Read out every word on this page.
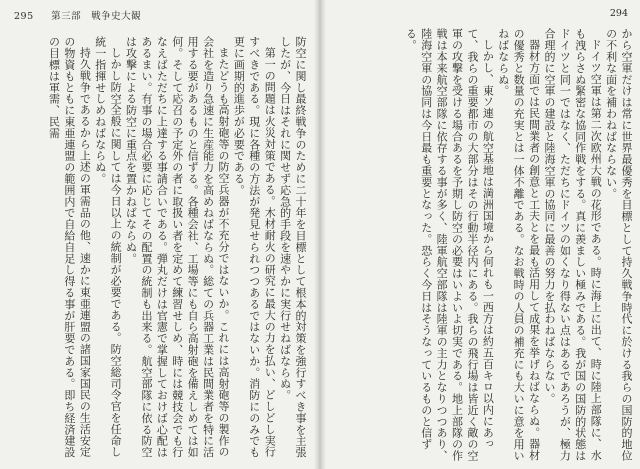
295 第三部　戦争史大観

防空に関し最終戦争のために二十年を目標として根本的対策を強行すべき事を主張したが、今日はそれに関せず応急的手段を速やかに実行せねばならぬ。

第一の問題は火災対策である。木材耐火の研究に最大の力を払い、どしどし実行すべきである。現に各種の方法が発見せられつつあるではないか。消防にのみでも更に画期的進歩が必要である。

またどうも高射砲等の防空兵器が不充分ではないか。これには高射砲等の製作の会社を造り急速に生産能力を高めねばならぬ。総ての兵器工業は民間業者を特に活用する要があるものと信ずる。各種会社、工場等にも自ら高射砲を備えしめては如何。そして応召の予定外の者に取扱い者を定めて練習せしめ、時には競技会でも行なえばただちに上達する事請合いである。弾丸だけは官憲で掌握しておけば心配はあるまい。有事の場合必要に応じてその配置の統制も出来る。航空部隊に依る防空は攻撃による防空に重点を置かねばならぬ。

しかし防空全般に関しては今日以上の統制が必要である。防空総司令官を任命し統一指揮せしめねばならぬ。

持久戦争であるから上述の軍需品の他、速かに東亜連盟の諸国家国民の生活安定の物資もともに東亜連盟の範囲内で自給自足し得る事が肝要である。即ち経済建設の目標は軍需、民需

294

から空軍だけは常に世界最優秀を目標として持久戦争時代に於ける我らの国防的地位の不利な面を補わねばならない。

ドイツ空軍は第二次欧州大戦の花形である。時に海上に出て、時に陸上部隊に、水も洩らさぬ緊密な協同作戦をする。真に羨ましい極みである。我が国の国防的状態はドイツと同一ではなく、ただちにドイツの如くなり得ない点はあるであろうが、極力合理的に空軍の建設と陸海空軍の協同に最善の努力を払わねばならない。

器材方面では民間業者の創意と工夫とを最も活用して成果を挙げねばならぬ。器材の優秀と数量の充実とは一体不離である。なお戦時の人員の補充にも大いに意を用いねばならぬ。

しかし、東ソ連の航空基地は満洲国境から何れも一西方は約五百キロ以内にあって、我らの重要都市の大部分はその行動半径内にある。我らの飛行場は皆近く敵の空軍の攻撃を受ける場合あるを予期し防空の必要はいよいよ切実である。地上部隊の作戦は本来航空部隊に依存する事が多く、陸軍航空部隊は陸軍の主力となりつつあり、陸海空軍の協同は今日最も重要となった。恐らく今日はそうなっているものと信ずる。
